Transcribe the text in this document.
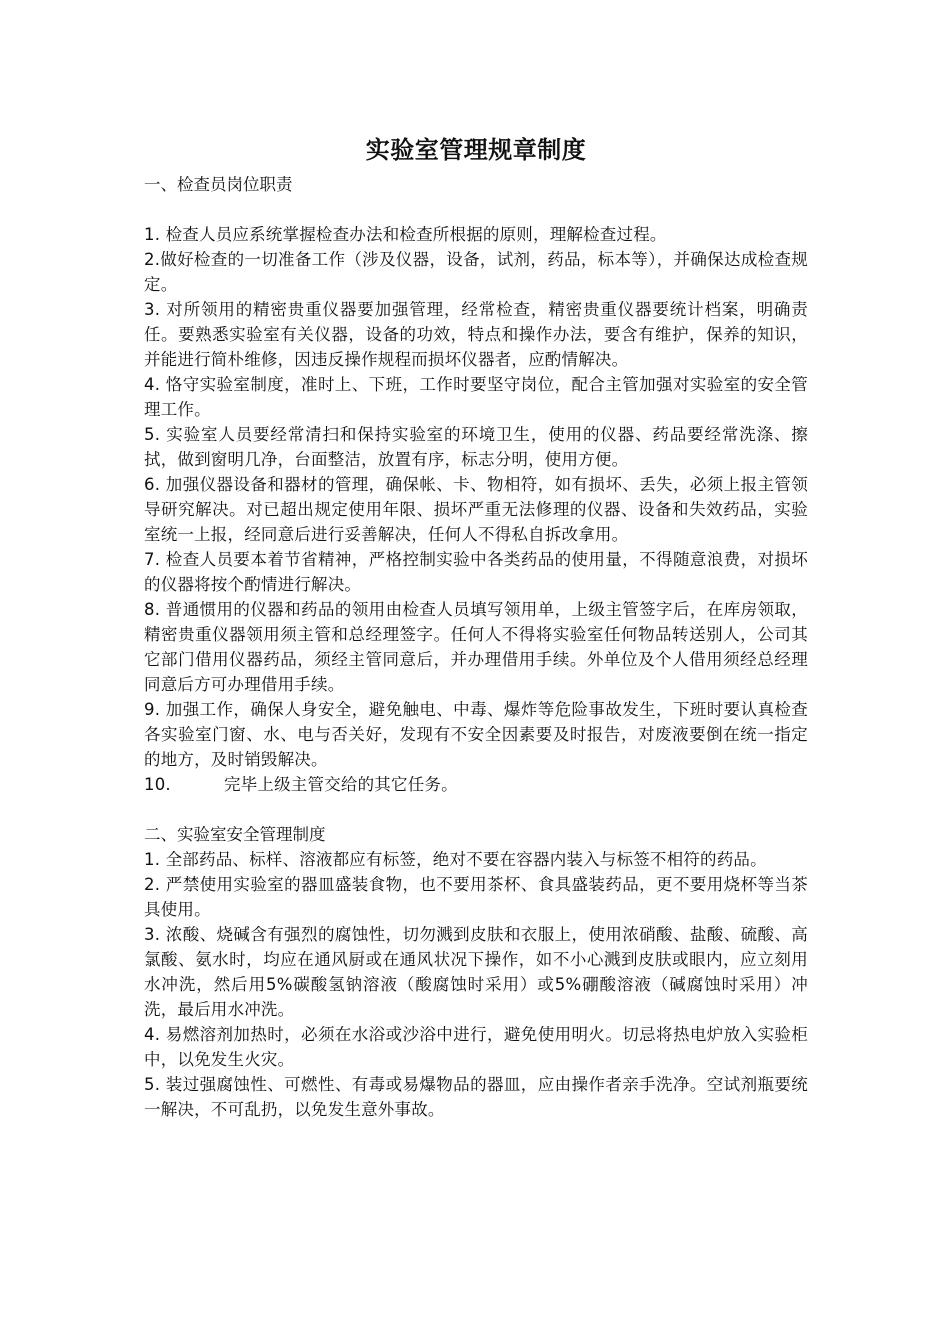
实验室管理规章制度

一、检查员岗位职责

1. 检查人员应系统掌握检查办法和检查所根据的原则，理解检查过程。

2.做好检查的一切准备工作（涉及仪器，设备，试剂，药品，标本等），并确保达成检查规定。

3. 对所领用的精密贵重仪器要加强管理，经常检查，精密贵重仪器要统计档案，明确责任。要熟悉实验室有关仪器，设备的功效，特点和操作办法，要含有维护，保养的知识，并能进行简朴维修，因违反操作规程而损坏仪器者，应酌情解决。

4. 恪守实验室制度，准时上、下班，工作时要坚守岗位，配合主管加强对实验室的安全管理工作。

5. 实验室人员要经常清扫和保持实验室的环境卫生，使用的仪器、药品要经常洗涤、擦拭，做到窗明几净，台面整洁，放置有序，标志分明，使用方便。

6. 加强仪器设备和器材的管理，确保帐、卡、物相符，如有损坏、丢失，必须上报主管领导研究解决。对已超出规定使用年限、损坏严重无法修理的仪器、设备和失效药品，实验室统一上报，经同意后进行妥善解决，任何人不得私自拆改拿用。

7. 检查人员要本着节省精神，严格控制实验中各类药品的使用量，不得随意浪费，对损坏的仪器将按个酌情进行解决。

8. 普通惯用的仪器和药品的领用由检查人员填写领用单，上级主管签字后，在库房领取，精密贵重仪器领用须主管和总经理签字。任何人不得将实验室任何物品转送别人，公司其它部门借用仪器药品，须经主管同意后，并办理借用手续。外单位及个人借用须经总经理同意后方可办理借用手续。

9. 加强工作，确保人身安全，避免触电、中毒、爆炸等危险事故发生，下班时要认真检查各实验室门窗、水、电与否关好，发现有不安全因素要及时报告，对废液要倒在统一指定的地方，及时销毁解决。

10.	完毕上级主管交给的其它任务。

二、实验室安全管理制度

1. 全部药品、标样、溶液都应有标签，绝对不要在容器内装入与标签不相符的药品。

2. 严禁使用实验室的器皿盛装食物，也不要用茶杯、食具盛装药品，更不要用烧杯等当茶具使用。

3. 浓酸、烧碱含有强烈的腐蚀性，切勿溅到皮肤和衣服上，使用浓硝酸、盐酸、硫酸、高氯酸、氨水时，均应在通风厨或在通风状况下操作，如不小心溅到皮肤或眼内，应立刻用水冲洗，然后用5%碳酸氢钠溶液（酸腐蚀时采用）或5%硼酸溶液（碱腐蚀时采用）冲洗，最后用水冲洗。

4. 易燃溶剂加热时，必须在水浴或沙浴中进行，避免使用明火。切忌将热电炉放入实验柜中，以免发生火灾。

5. 装过强腐蚀性、可燃性、有毒或易爆物品的器皿，应由操作者亲手洗净。空试剂瓶要统一解决，不可乱扔，以免发生意外事故。
